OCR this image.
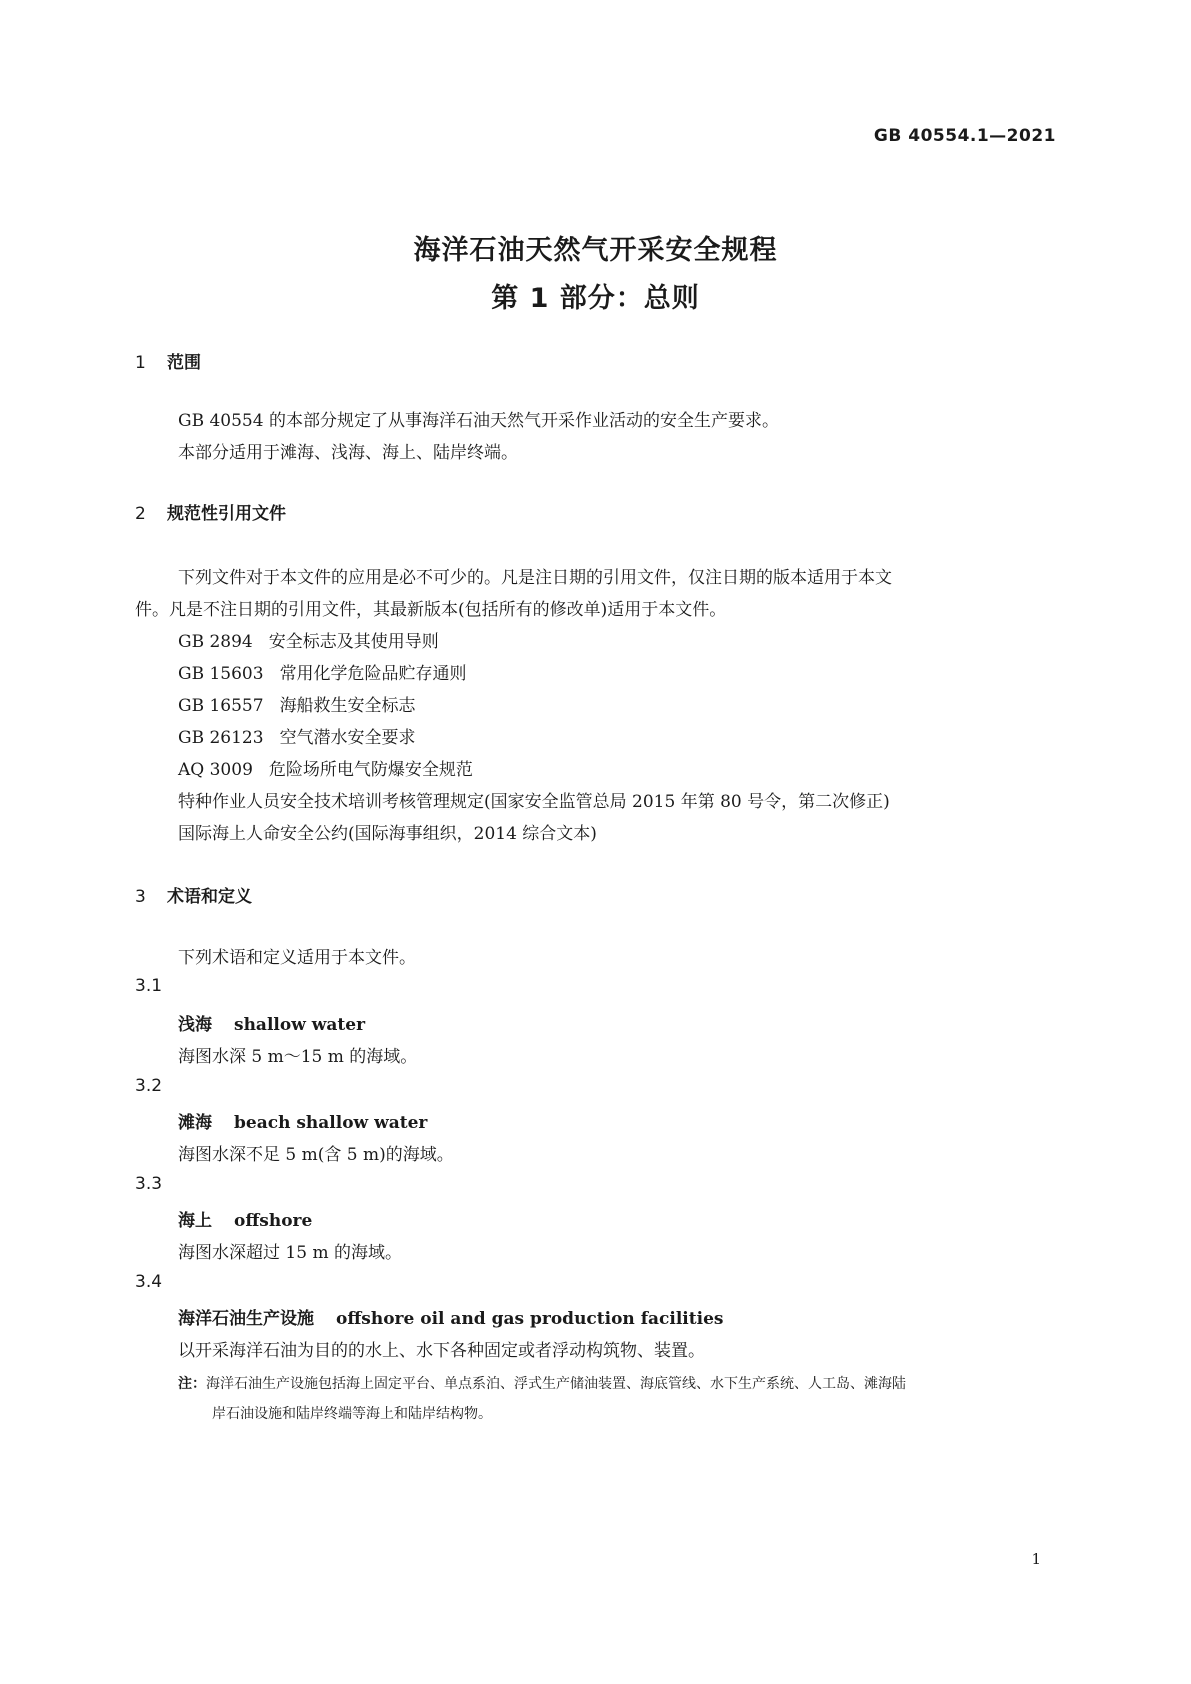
GB 40554.1—2021
海洋石油天然气开采安全规程
第 1 部分：总则
1 范围
GB 40554 的本部分规定了从事海洋石油天然气开采作业活动的安全生产要求。
本部分适用于滩海、浅海、海上、陆岸终端。
2 规范性引用文件
下列文件对于本文件的应用是必不可少的。凡是注日期的引用文件，仅注日期的版本适用于本文
件。凡是不注日期的引用文件，其最新版本(包括所有的修改单)适用于本文件。
GB 2894 安全标志及其使用导则
GB 15603 常用化学危险品贮存通则
GB 16557 海船救生安全标志
GB 26123 空气潜水安全要求
AQ 3009 危险场所电气防爆安全规范
特种作业人员安全技术培训考核管理规定(国家安全监管总局 2015 年第 80 号令，第二次修正)
国际海上人命安全公约(国际海事组织，2014 综合文本)
3 术语和定义
下列术语和定义适用于本文件。
3.1
浅海 shallow water
海图水深 5 m～15 m 的海域。
3.2
滩海 beach shallow water
海图水深不足 5 m(含 5 m)的海域。
3.3
海上 offshore
海图水深超过 15 m 的海域。
3.4
海洋石油生产设施 offshore oil and gas production facilities
以开采海洋石油为目的的水上、水下各种固定或者浮动构筑物、装置。
注：海洋石油生产设施包括海上固定平台、单点系泊、浮式生产储油装置、海底管线、水下生产系统、人工岛、滩海陆
岸石油设施和陆岸终端等海上和陆岸结构物。
1
